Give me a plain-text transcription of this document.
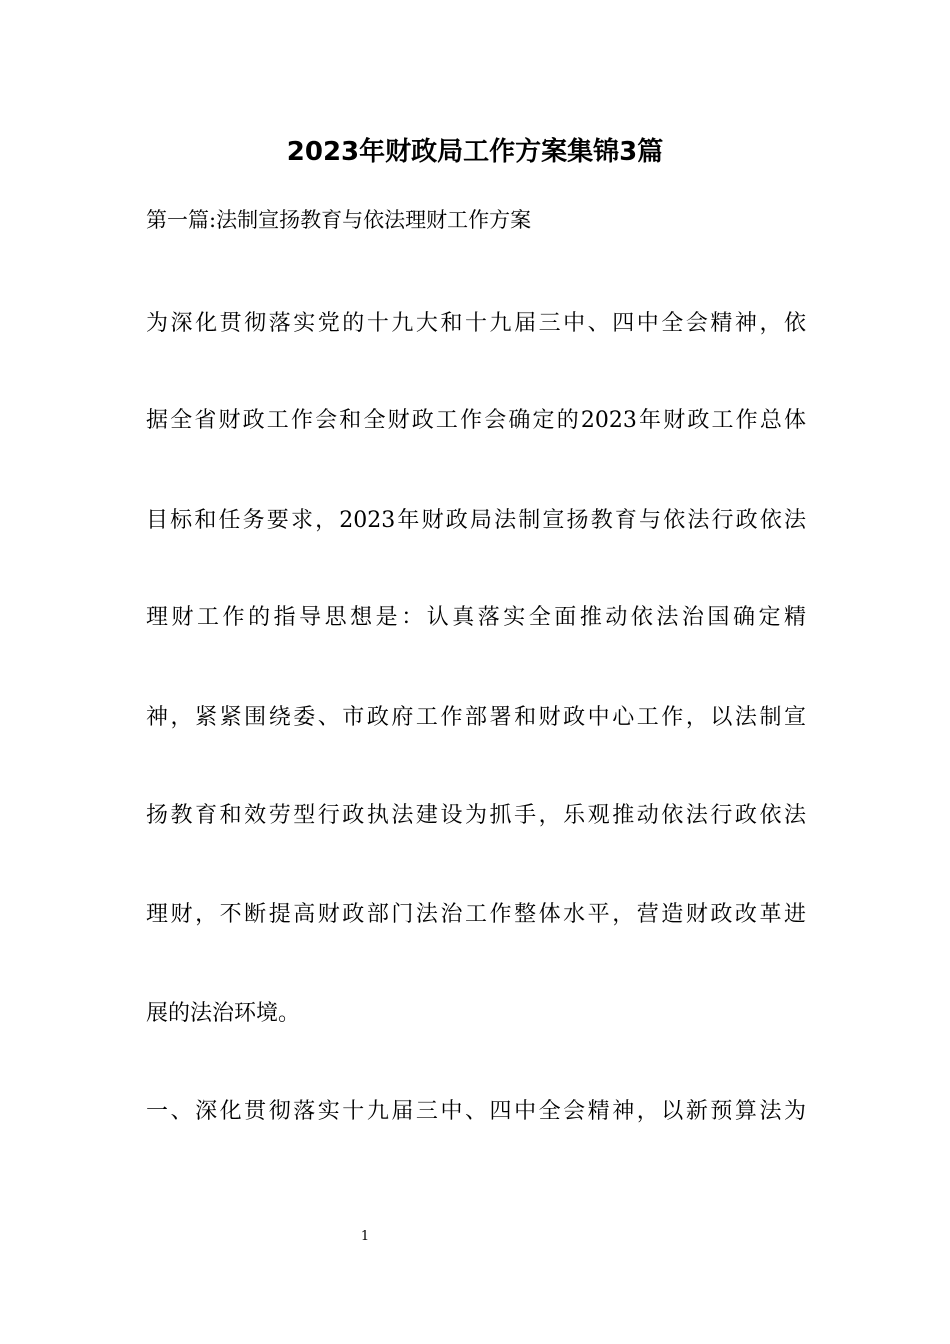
2023年财政局工作方案集锦3篇
第一篇:法制宣扬教育与依法理财工作方案
为深化贯彻落实党的十九大和十九届三中、四中全会精神，依
据全省财政工作会和全财政工作会确定的2023年财政工作总体
目标和任务要求，2023年财政局法制宣扬教育与依法行政依法
理财工作的指导思想是：认真落实全面推动依法治国确定精
神，紧紧围绕委、市政府工作部署和财政中心工作，以法制宣
扬教育和效劳型行政执法建设为抓手，乐观推动依法行政依法
理财，不断提高财政部门法治工作整体水平，营造财政改革进
展的法治环境。
一、深化贯彻落实十九届三中、四中全会精神，以新预算法为
1
